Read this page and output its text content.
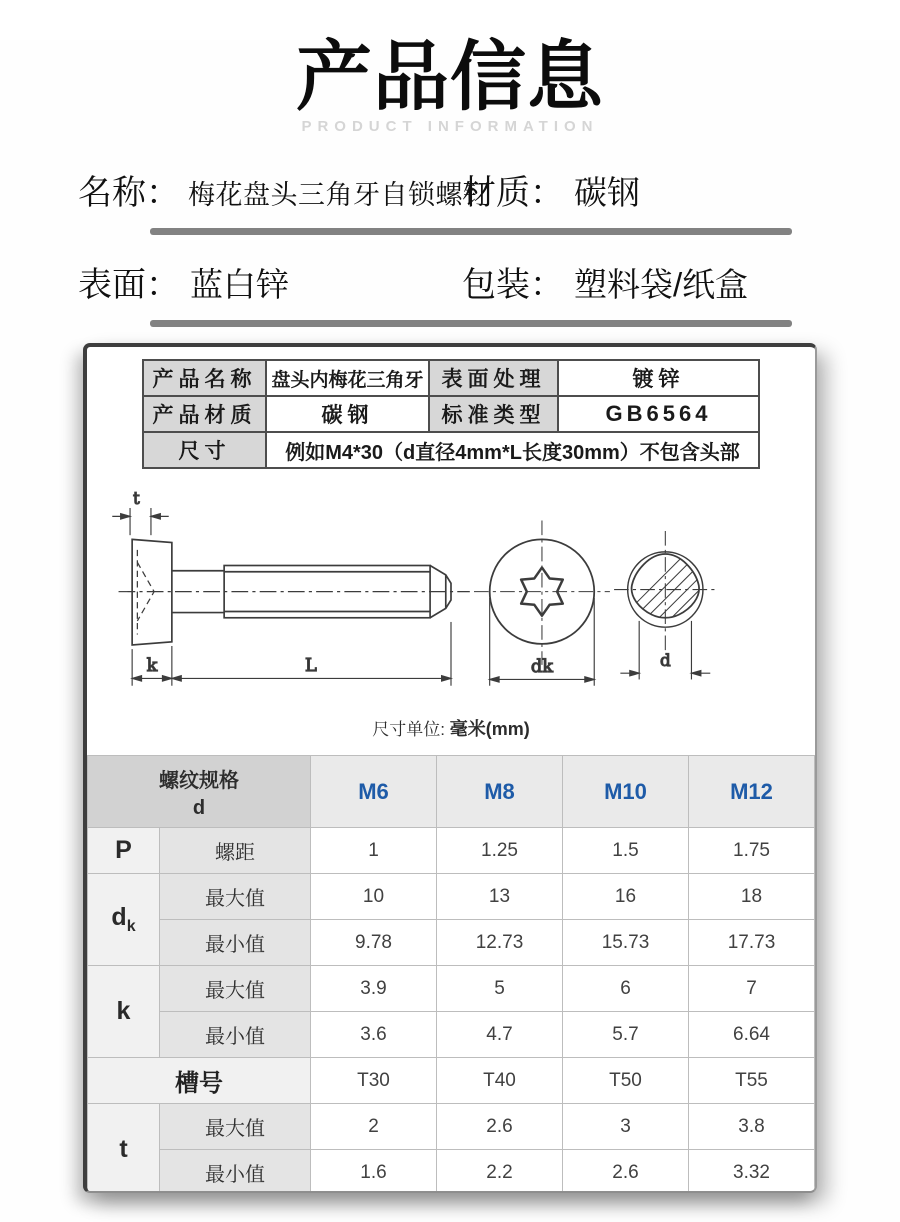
产品信息
PRODUCT INFORMATION
名称： 梅花盘头三角牙自锁螺钉
材质： 碳钢
表面： 蓝白锌	包装： 塑料袋/纸盒
产品名称	盘头内梅花三角牙	表面处理	镀锌
产品材质	碳钢	标准类型	GB6564
尺寸	例如M4*30（d直径4mm*L长度30mm）不包含头部		
t
k	L	dk	d
尺寸单位: 毫米(mm)
螺纹规格
d		M6	M8	M10	M12
P	螺距	1	1.25	1.5	1.75
$d_k$	最大值	10	13	16	18
	最小值	9.78	12.73	15.73	17.73
k	最大值	3.9	5	6	7
	最小值	3.6	4.7	5.7	6.64
槽号		T30	T40	T50	T55
t	最大值	2	2.6	3	3.8
	最小值	1.6	2.2	2.6	3.32
